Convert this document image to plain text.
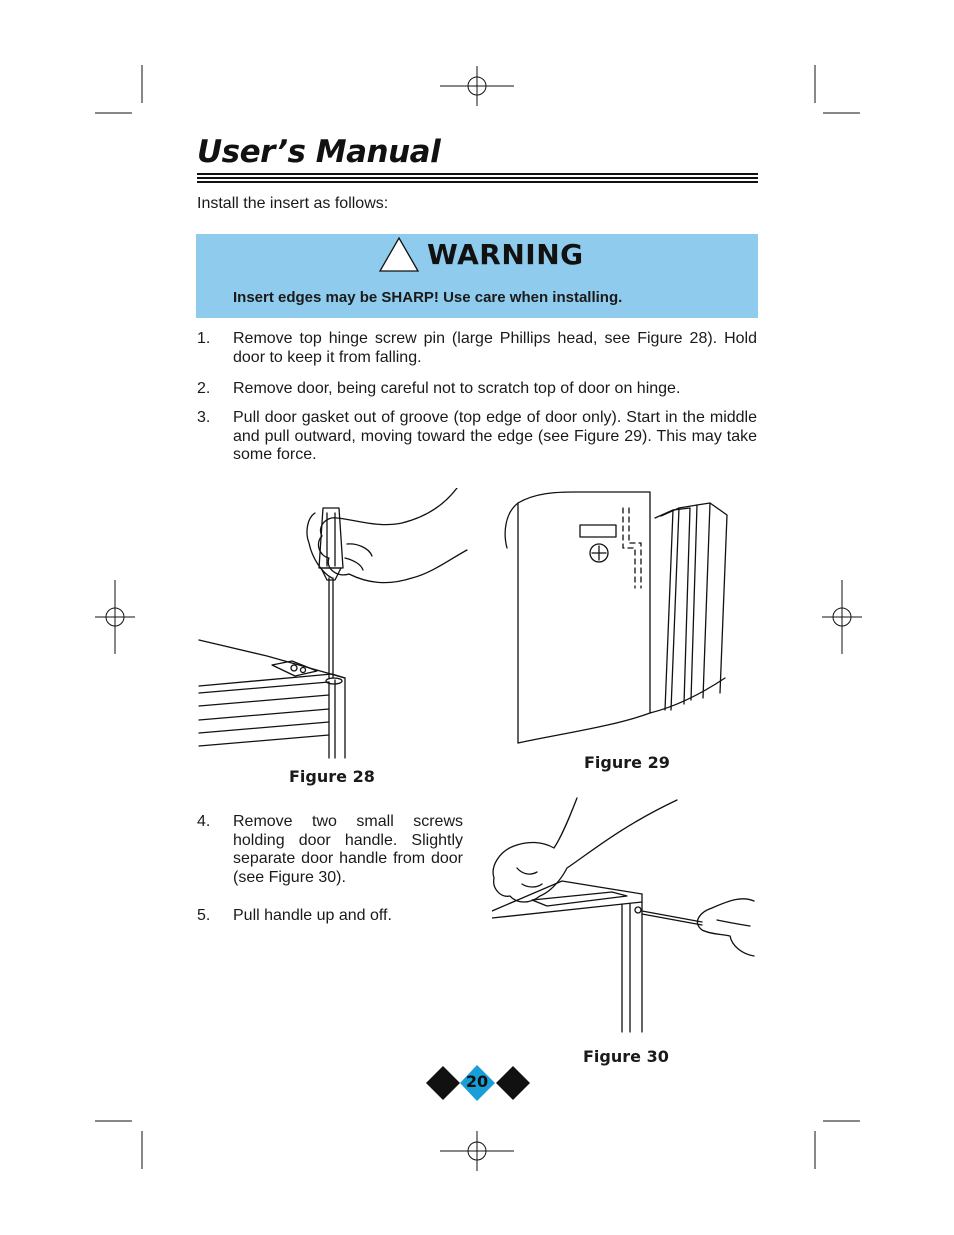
User’s Manual
Install the insert as follows:
WARNING
Insert edges may be SHARP! Use care when installing.
1. Remove top hinge screw pin (large Phillips head, see Figure 28). Hold door to keep it from falling.
2. Remove door, being careful not to scratch top of door on hinge.
3. Pull door gasket out of groove (top edge of door only). Start in the middle and pull outward, moving toward the edge (see Figure 29). This may take some force.
Figure 28
Figure 29
4. Remove two small screws holding door handle. Slightly separate door handle from door (see Figure 30).
5. Pull handle up and off.
Figure 30
20
